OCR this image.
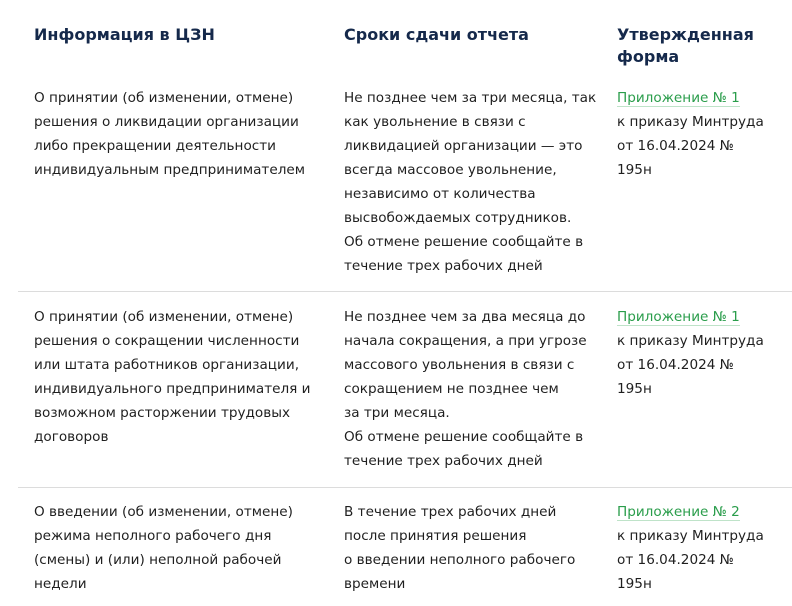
Информация в ЦЗН	Сроки сдачи отчета	Утвержденная
форма
О принятии (об изменении, отмене)
решения о ликвидации организации
либо прекращении деятельности
индивидуальным предпринимателем
Не позднее чем за три месяца, так
как увольнение в связи с
ликвидацией организации — это
всегда массовое увольнение,
независимо от количества
высвобождаемых сотрудников.
Об отмене решение сообщайте в
течение трех рабочих дней
Приложение № 1
к приказу Минтруда
от 16.04.2024 №
195н
О принятии (об изменении, отмене)
решения о сокращении численности
или штата работников организации,
индивидуального предпринимателя и
возможном расторжении трудовых
договоров
Не позднее чем за два месяца до
начала сокращения, а при угрозе
массового увольнения в связи с
сокращением не позднее чем
за три месяца.
Об отмене решение сообщайте в
течение трех рабочих дней
Приложение № 1
к приказу Минтруда
от 16.04.2024 №
195н
О введении (об изменении, отмене)
режима неполного рабочего дня
(смены) и (или) неполной рабочей
недели
В течение трех рабочих дней
после принятия решения
о введении неполного рабочего
времени
Приложение № 2
к приказу Минтруда
от 16.04.2024 №
195н
